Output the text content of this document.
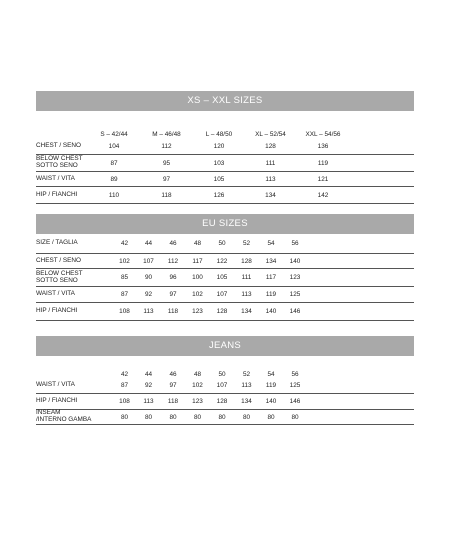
XS – XXL SIZES
S – 42/44	M – 46/48	L – 48/50	XL – 52/54	XXL – 54/56
CHEST / SENO	104	112	120	128	136
BELOW CHEST
SOTTO SENO	87	95	103	111	119
WAIST / VITA	89	97	105	113	121
HIP / FIANCHI	110	118	126	134	142
EU SIZES
SIZE / TAGLIA	42	44	46	48	50	52	54	56
CHEST / SENO	102	107	112	117	122	128	134	140
BELOW CHEST
SOTTO SENO	85	90	96	100	105	111	117	123
WAIST / VITA	87	92	97	102	107	113	119	125
HIP / FIANCHI	108	113	118	123	128	134	140	146
JEANS
42	44	46	48	50	52	54	56
WAIST / VITA	87	92	97	102	107	113	119	125
HIP / FIANCHI	108	113	118	123	128	134	140	146
INSEAM
/INTERNO GAMBA	80	80	80	80	80	80	80	80
